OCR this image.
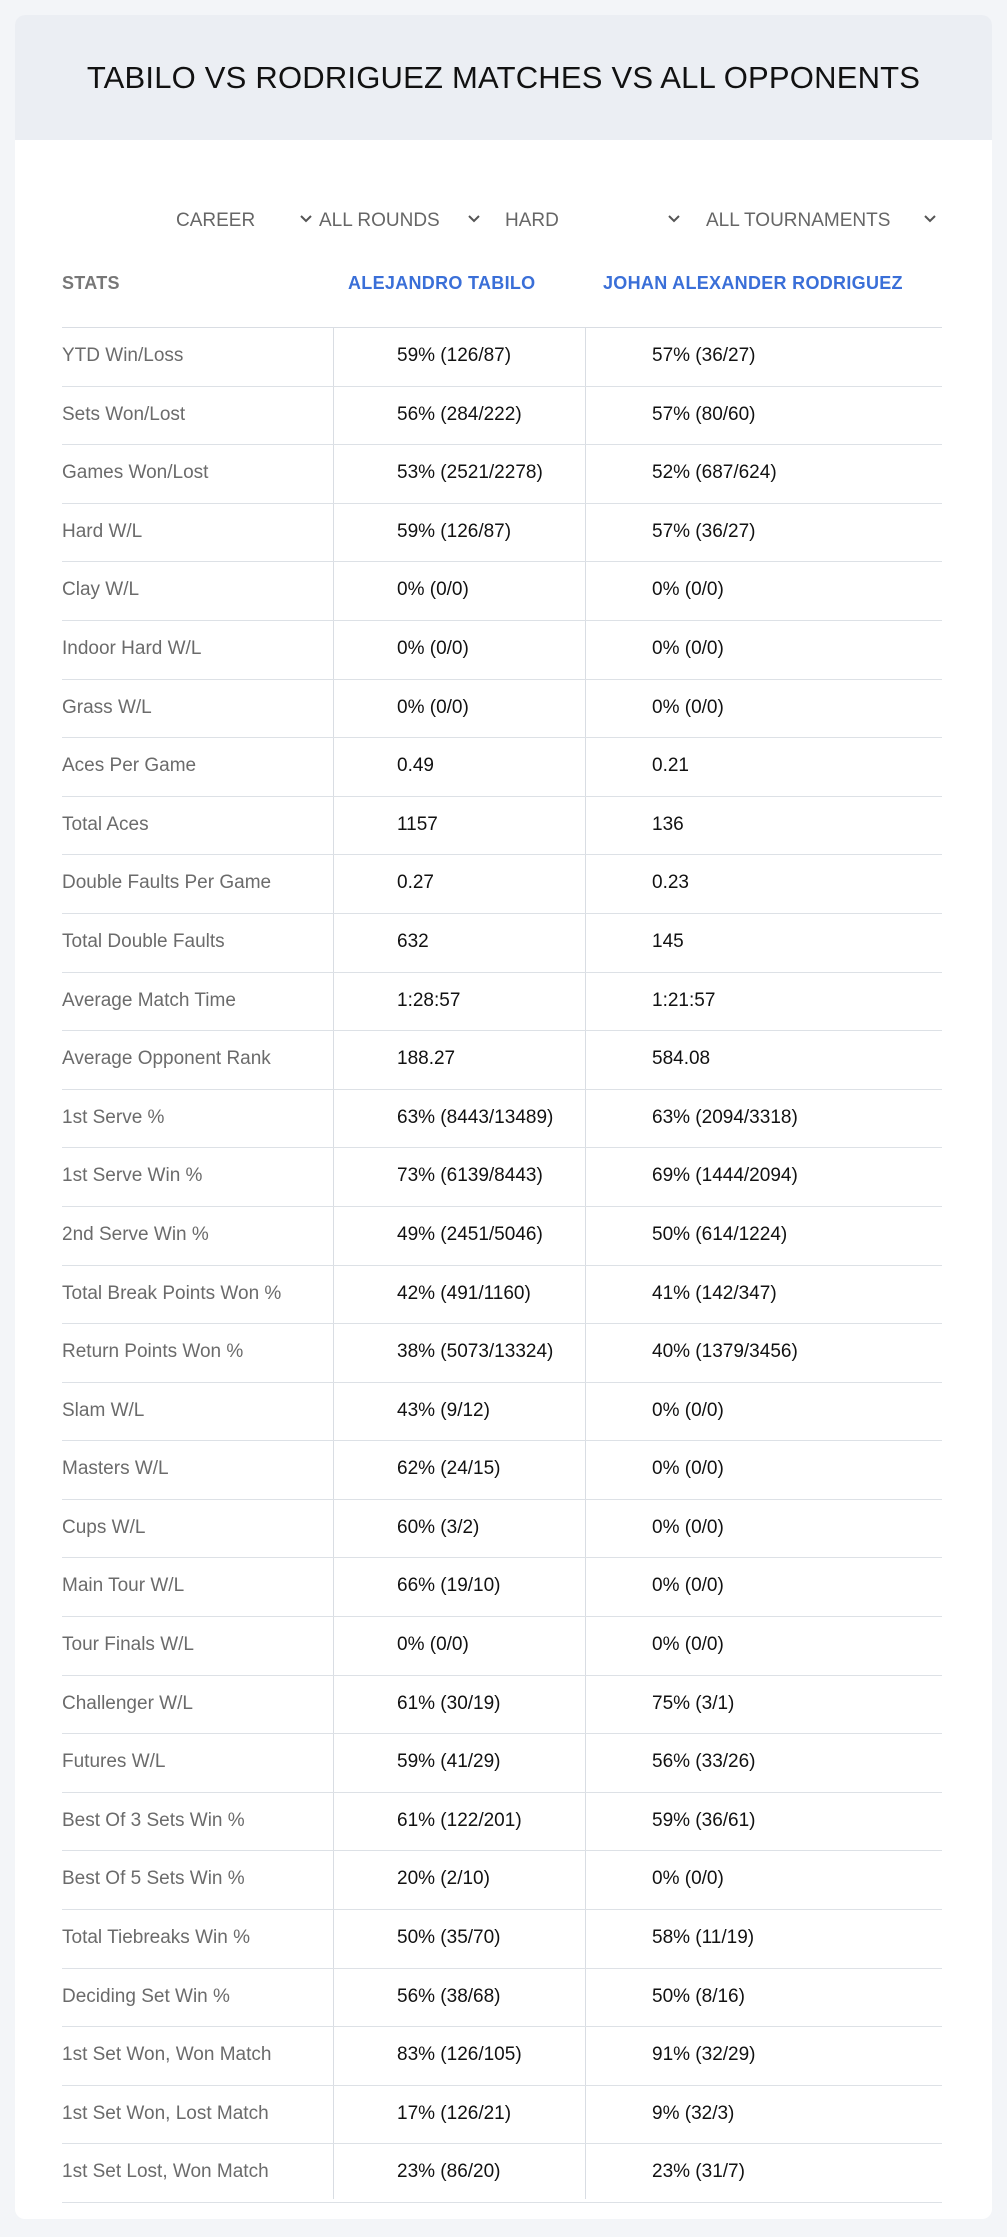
TABILO VS RODRIGUEZ MATCHES VS ALL OPPONENTS
CAREER	ALL ROUNDS	HARD	ALL TOURNAMENTS
STATS	ALEJANDRO TABILO	JOHAN ALEXANDER RODRIGUEZ
YTD Win/Loss	59% (126/87)	57% (36/27)
Sets Won/Lost	56% (284/222)	57% (80/60)
Games Won/Lost	53% (2521/2278)	52% (687/624)
Hard W/L	59% (126/87)	57% (36/27)
Clay W/L	0% (0/0)	0% (0/0)
Indoor Hard W/L	0% (0/0)	0% (0/0)
Grass W/L	0% (0/0)	0% (0/0)
Aces Per Game	0.49	0.21
Total Aces	1157	136
Double Faults Per Game	0.27	0.23
Total Double Faults	632	145
Average Match Time	1:28:57	1:21:57
Average Opponent Rank	188.27	584.08
1st Serve %	63% (8443/13489)	63% (2094/3318)
1st Serve Win %	73% (6139/8443)	69% (1444/2094)
2nd Serve Win %	49% (2451/5046)	50% (614/1224)
Total Break Points Won %	42% (491/1160)	41% (142/347)
Return Points Won %	38% (5073/13324)	40% (1379/3456)
Slam W/L	43% (9/12)	0% (0/0)
Masters W/L	62% (24/15)	0% (0/0)
Cups W/L	60% (3/2)	0% (0/0)
Main Tour W/L	66% (19/10)	0% (0/0)
Tour Finals W/L	0% (0/0)	0% (0/0)
Challenger W/L	61% (30/19)	75% (3/1)
Futures W/L	59% (41/29)	56% (33/26)
Best Of 3 Sets Win %	61% (122/201)	59% (36/61)
Best Of 5 Sets Win %	20% (2/10)	0% (0/0)
Total Tiebreaks Win %	50% (35/70)	58% (11/19)
Deciding Set Win %	56% (38/68)	50% (8/16)
1st Set Won, Won Match	83% (126/105)	91% (32/29)
1st Set Won, Lost Match	17% (126/21)	9% (32/3)
1st Set Lost, Won Match	23% (86/20)	23% (31/7)
